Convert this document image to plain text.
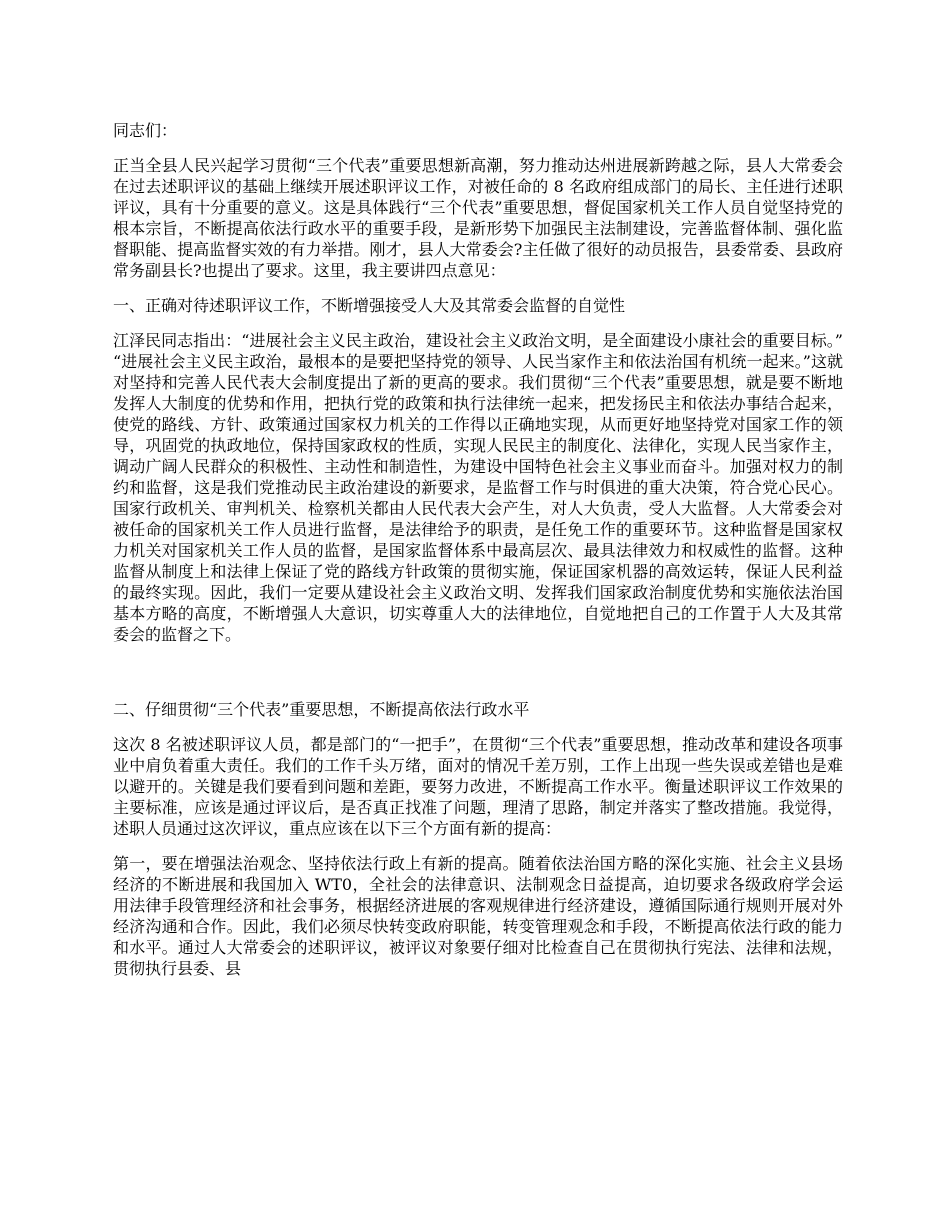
同志们：

正当全县人民兴起学习贯彻“三个代表”重要思想新高潮，努力推动达州进展新跨越之际，县人大常委会在过去述职评议的基础上继续开展述职评议工作，对被任命的 8 名政府组成部门的局长、主任进行述职评议，具有十分重要的意义。这是具体践行“三个代表”重要思想，督促国家机关工作人员自觉坚持党的根本宗旨，不断提高依法行政水平的重要手段，是新形势下加强民主法制建设，完善监督体制、强化监督职能、提高监督实效的有力举措。刚才，县人大常委会?主任做了很好的动员报告，县委常委、县政府常务副县长?也提出了要求。这里，我主要讲四点意见：

一、正确对待述职评议工作，不断增强接受人大及其常委会监督的自觉性

江泽民同志指出：“进展社会主义民主政治，建设社会主义政治文明，是全面建设小康社会的重要目标。”“进展社会主义民主政治，最根本的是要把坚持党的领导、人民当家作主和依法治国有机统一起来。”这就对坚持和完善人民代表大会制度提出了新的更高的要求。我们贯彻“三个代表”重要思想，就是要不断地发挥人大制度的优势和作用，把执行党的政策和执行法律统一起来，把发扬民主和依法办事结合起来，使党的路线、方针、政策通过国家权力机关的工作得以正确地实现，从而更好地坚持党对国家工作的领导，巩固党的执政地位，保持国家政权的性质，实现人民民主的制度化、法律化，实现人民当家作主，调动广阔人民群众的积极性、主动性和制造性，为建设中国特色社会主义事业而奋斗。加强对权力的制约和监督，这是我们党推动民主政治建设的新要求，是监督工作与时俱进的重大决策，符合党心民心。国家行政机关、审判机关、检察机关都由人民代表大会产生，对人大负责，受人大监督。人大常委会对被任命的国家机关工作人员进行监督，是法律给予的职责，是任免工作的重要环节。这种监督是国家权力机关对国家机关工作人员的监督，是国家监督体系中最高层次、最具法律效力和权威性的监督。这种监督从制度上和法律上保证了党的路线方针政策的贯彻实施，保证国家机器的高效运转，保证人民利益的最终实现。因此，我们一定要从建设社会主义政治文明、发挥我们国家政治制度优势和实施依法治国基本方略的高度，不断增强人大意识，切实尊重人大的法律地位，自觉地把自己的工作置于人大及其常委会的监督之下。

二、仔细贯彻“三个代表”重要思想，不断提高依法行政水平

这次 8 名被述职评议人员，都是部门的“一把手”，在贯彻“三个代表”重要思想，推动改革和建设各项事业中肩负着重大责任。我们的工作千头万绪，面对的情况千差万别，工作上出现一些失误或差错也是难以避开的。关键是我们要看到问题和差距，要努力改进，不断提高工作水平。衡量述职评议工作效果的主要标准，应该是通过评议后，是否真正找准了问题，理清了思路，制定并落实了整改措施。我觉得，述职人员通过这次评议，重点应该在以下三个方面有新的提高：

第一，要在增强法治观念、坚持依法行政上有新的提高。随着依法治国方略的深化实施、社会主义县场经济的不断进展和我国加入 WT0，全社会的法律意识、法制观念日益提高，迫切要求各级政府学会运用法律手段管理经济和社会事务，根据经济进展的客观规律进行经济建设，遵循国际通行规则开展对外经济沟通和合作。因此，我们必须尽快转变政府职能，转变管理观念和手段，不断提高依法行政的能力和水平。通过人大常委会的述职评议，被评议对象要仔细对比检查自己在贯彻执行宪法、法律和法规，贯彻执行县委、县
